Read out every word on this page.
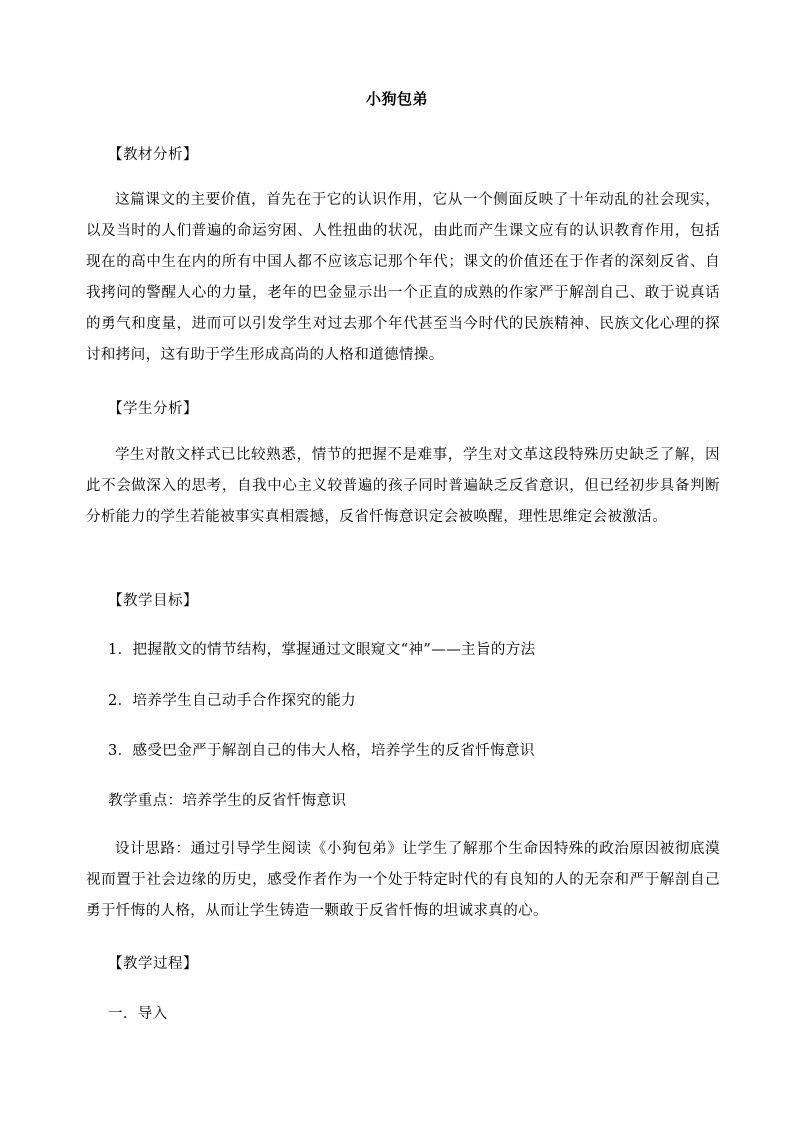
小狗包弟
【教材分析】
这篇课文的主要价值，首先在于它的认识作用，它从一个侧面反映了十年动乱的社会现实，以及当时的人们普遍的命运穷困、人性扭曲的状况，由此而产生课文应有的认识教育作用，包括现在的高中生在内的所有中国人都不应该忘记那个年代；课文的价值还在于作者的深刻反省、自我拷问的警醒人心的力量，老年的巴金显示出一个正直的成熟的作家严于解剖自己、敢于说真话的勇气和度量，进而可以引发学生对过去那个年代甚至当今时代的民族精神、民族文化心理的探讨和拷问，这有助于学生形成高尚的人格和道德情操。
【学生分析】
学生对散文样式已比较熟悉，情节的把握不是难事，学生对文革这段特殊历史缺乏了解，因此不会做深入的思考，自我中心主义较普遍的孩子同时普遍缺乏反省意识，但已经初步具备判断分析能力的学生若能被事实真相震撼，反省忏悔意识定会被唤醒，理性思维定会被激活。
【教学目标】
1．把握散文的情节结构，掌握通过文眼窥文“神”——主旨的方法
2．培养学生自己动手合作探究的能力
3．感受巴金严于解剖自己的伟大人格，培养学生的反省忏悔意识
教学重点：培养学生的反省忏悔意识
设计思路：通过引导学生阅读《小狗包弟》让学生了解那个生命因特殊的政治原因被彻底漠视而置于社会边缘的历史，感受作者作为一个处于特定时代的有良知的人的无奈和严于解剖自己勇于忏悔的人格，从而让学生铸造一颗敢于反省忏悔的坦诚求真的心。
【教学过程】
一．导入
